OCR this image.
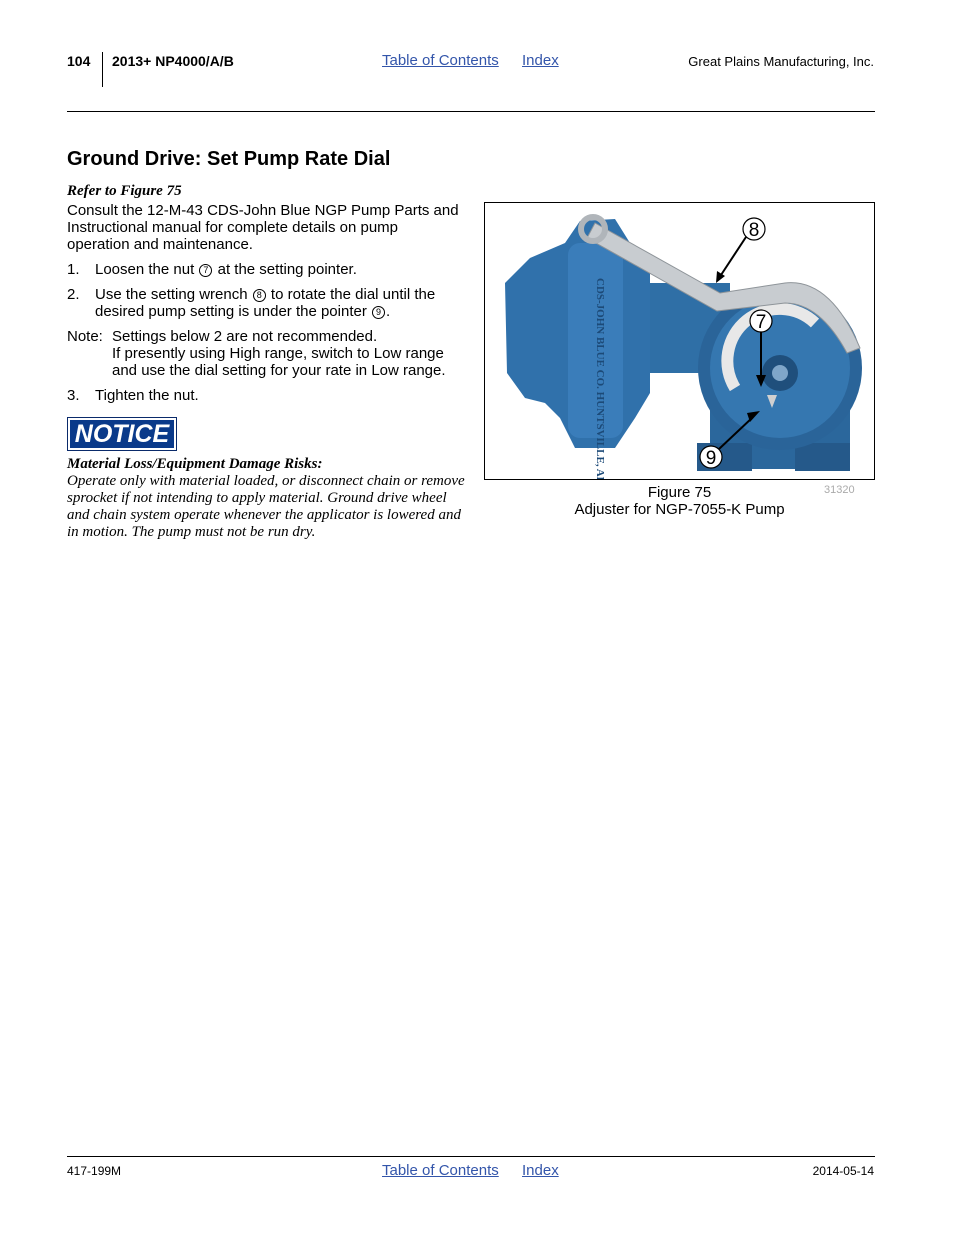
104 2013+ NP4000/A/B	Table of Contents Index	Great Plains Manufacturing, Inc.
Ground Drive: Set Pump Rate Dial
Refer to Figure 75
Consult the 12-M-43 CDS-John Blue NGP Pump Parts and Instructional manual for complete details on pump operation and maintenance.
1. Loosen the nut 7 at the setting pointer.
2. Use the setting wrench 8 to rotate the dial until the desired pump setting is under the pointer 9 .
Note: Settings below 2 are not recommended.
If presently using High range, switch to Low range and use the dial setting for your rate in Low range.
3. Tighten the nut.
NOTICE
Material Loss/Equipment Damage Risks:
Operate only with material loaded, or disconnect chain or remove sprocket if not intending to apply material. Ground drive wheel and chain system operate whenever the applicator is lowered and in motion. The pump must not be run dry.
CDS-JOHN BLUE CO. HUNTSVILLE, AL
8
7
9
Figure 75
Adjuster for NGP-7055-K Pump
31320
417-199M	Table of Contents Index	2014-05-14
